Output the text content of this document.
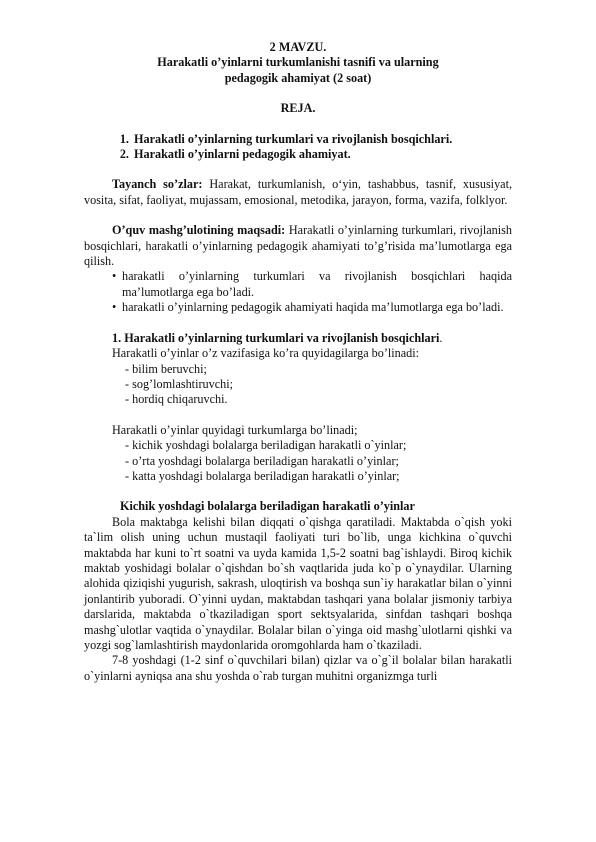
2 MAVZU.
Harakatli o’yinlarni turkumlanishi tasnifi va ularning
pedagogik ahamiyat (2 soat)
REJA.
1. Harakatli o’yinlarning turkumlari va rivojlanish bosqichlari.
2. Harakatli o’yinlarni pedagogik ahamiyat.

Tayanch so’zlar: Harakat, turkumlanish, o‘yin, tashabbus, tasnif, xususiyat, vosita, sifat, faoliyat, mujassam, emosional, metodika, jarayon, forma, vazifa, folklyor.

O’quv mashg’ulotining maqsadi: Harakatli o’yinlarning turkumlari, rivojlanish bosqichlari, harakatli o’yinlarning pedagogik ahamiyati to’g’risida ma’lumotlarga ega qilish.

• harakatli o’yinlarning turkumlari va rivojlanish bosqichlari haqida ma’lumotlarga ega bo’ladi.
• harakatli o’yinlarning pedagogik ahamiyati haqida ma’lumotlarga ega bo’ladi.
1. Harakatli o’yinlarning turkumlari va rivojlanish bosqichlari.
Harakatli o’yinlar o’z vazifasiga ko’ra quyidagilarga bo’linadi:
- bilim beruvchi;
- sog’lomlashtiruvchi;
- hordiq chiqaruvchi.
Harakatli o’yinlar quyidagi turkumlarga bo’linadi;
- kichik yoshdagi bolalarga beriladigan harakatli o`yinlar;
- o’rta yoshdagi bolalarga beriladigan harakatli o’yinlar;
- katta yoshdagi bolalarga beriladigan harakatli o’yinlar;
Kichik yoshdagi bolalarga beriladigan harakatli o’yinlar

Bola maktabga kelishi bilan diqqati o`qishga qaratiladi. Maktabda o`qish yoki ta`lim olish uning uchun mustaqil faoliyati turi bo`lib, unga kichkina o`quvchi maktabda har kuni to`rt soatni va uyda kamida 1,5-2 soatni bag`ishlaydi. Biroq kichik maktab yoshidagi bolalar o`qishdan bo`sh vaqtlarida juda ko`p o`ynaydilar. Ularning alohida qiziqishi yugurish, sakrash, uloqtirish va boshqa sun`iy harakatlar bilan o`yinni jonlantirib yuboradi. O`yinni uydan, maktabdan tashqari yana bolalar jismoniy tarbiya darslarida, maktabda o`tkaziladigan sport sektsyalarida, sinfdan tashqari boshqa mashg`ulotlar vaqtida o`ynaydilar. Bolalar bilan o`yinga oid mashg`ulotlarni qishki va yozgi sog`lamlashtirish maydonlarida oromgohlarda ham o`tkaziladi.

7-8 yoshdagi (1-2 sinf o`quvchilari bilan) qizlar va o`g`il bolalar bilan harakatli o`yinlarni ayniqsa ana shu yoshda o`rab turgan muhitni organizmga turli
